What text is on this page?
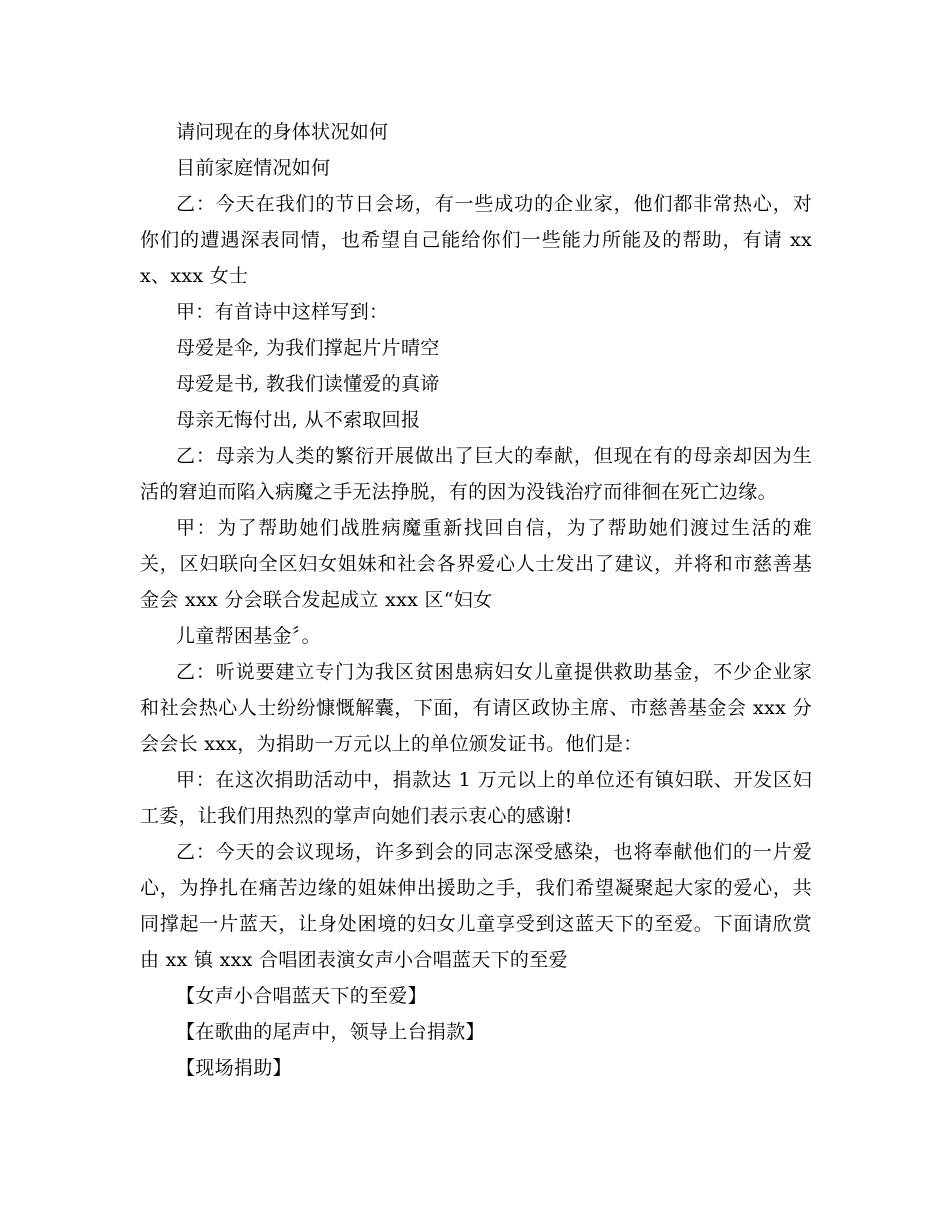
请问现在的身体状况如何

目前家庭情况如何

乙：今天在我们的节日会场，有一些成功的企业家，他们都非常热心，对你们的遭遇深表同情，也希望自己能给你们一些能力所能及的帮助，有请 xxx、xxx 女士

甲：有首诗中这样写到：

母爱是伞, 为我们撑起片片晴空

母爱是书, 教我们读懂爱的真谛

母亲无悔付出, 从不索取回报

乙：母亲为人类的繁衍开展做出了巨大的奉献，但现在有的母亲却因为生活的窘迫而陷入病魔之手无法挣脱，有的因为没钱治疗而徘徊在死亡边缘。

甲：为了帮助她们战胜病魔重新找回自信，为了帮助她们渡过生活的难关，区妇联向全区妇女姐妹和社会各界爱心人士发出了建议，并将和市慈善基金会 xxx 分会联合发起成立 xxx 区“妇女

儿童帮困基金〞。

乙：听说要建立专门为我区贫困患病妇女儿童提供救助基金，不少企业家和社会热心人士纷纷慷慨解囊，下面，有请区政协主席、市慈善基金会 xxx 分会会长 xxx，为捐助一万元以上的单位颁发证书。他们是：

甲：在这次捐助活动中，捐款达 1 万元以上的单位还有镇妇联、开发区妇工委，让我们用热烈的掌声向她们表示衷心的感谢!

乙：今天的会议现场，许多到会的同志深受感染，也将奉献他们的一片爱心，为挣扎在痛苦边缘的姐妹伸出援助之手，我们希望凝聚起大家的爱心，共同撑起一片蓝天，让身处困境的妇女儿童享受到这蓝天下的至爱。下面请欣赏由 xx 镇 xxx 合唱团表演女声小合唱蓝天下的至爱

【女声小合唱蓝天下的至爱】

【在歌曲的尾声中，领导上台捐款】

【现场捐助】
